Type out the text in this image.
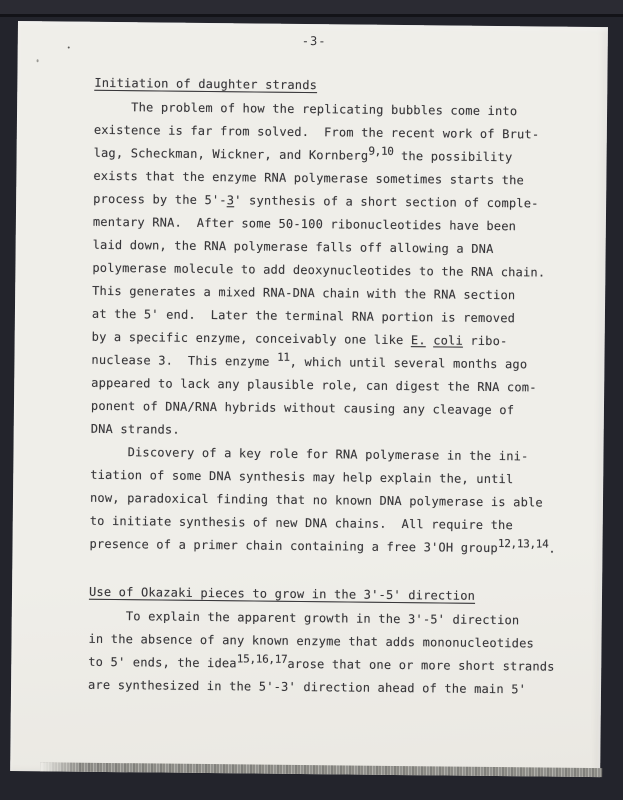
-3-
Initiation of daughter strands
The problem of how the replicating bubbles come into
existence is far from solved.  From the recent work of Brut-
lag, Scheckman, Wickner, and Kornberg9,10 the possibility
exists that the enzyme RNA polymerase sometimes starts the
process by the 5'-3' synthesis of a short section of comple-
mentary RNA.  After some 50-100 ribonucleotides have been
laid down, the RNA polymerase falls off allowing a DNA
polymerase molecule to add deoxynucleotides to the RNA chain.
This generates a mixed RNA-DNA chain with the RNA section
at the 5' end.  Later the terminal RNA portion is removed
by a specific enzyme, conceivably one like E. coli ribo-
nuclease 3.  This enzyme 11, which until several months ago
appeared to lack any plausible role, can digest the RNA com-
ponent of DNA/RNA hybrids without causing any cleavage of
DNA strands.
Discovery of a key role for RNA polymerase in the ini-
tiation of some DNA synthesis may help explain the, until
now, paradoxical finding that no known DNA polymerase is able
to initiate synthesis of new DNA chains.  All require the
presence of a primer chain containing a free 3'OH group12,13,14.
Use of Okazaki pieces to grow in the 3'-5' direction
To explain the apparent growth in the 3'-5' direction
in the absence of any known enzyme that adds mononucleotides
to 5' ends, the idea15,16,17arose that one or more short strands
are synthesized in the 5'-3' direction ahead of the main 5'
